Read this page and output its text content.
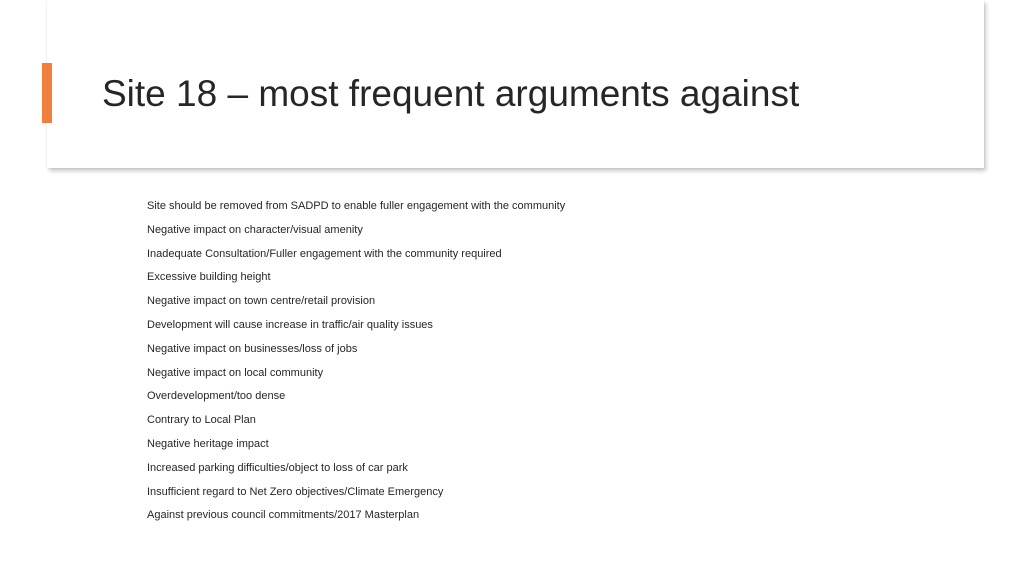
Site 18 – most frequent arguments against
Site should be removed from SADPD to enable fuller engagement with the community
Negative impact on character/visual amenity
Inadequate Consultation/Fuller engagement with the community required
Excessive building height
Negative impact on town centre/retail provision
Development will cause increase in traffic/air quality issues
Negative impact on businesses/loss of jobs
Negative impact on local community
Overdevelopment/too dense
Contrary to Local Plan
Negative heritage impact
Increased parking difficulties/object to loss of car park
Insufficient regard to Net Zero objectives/Climate Emergency
Against previous council commitments/2017 Masterplan
